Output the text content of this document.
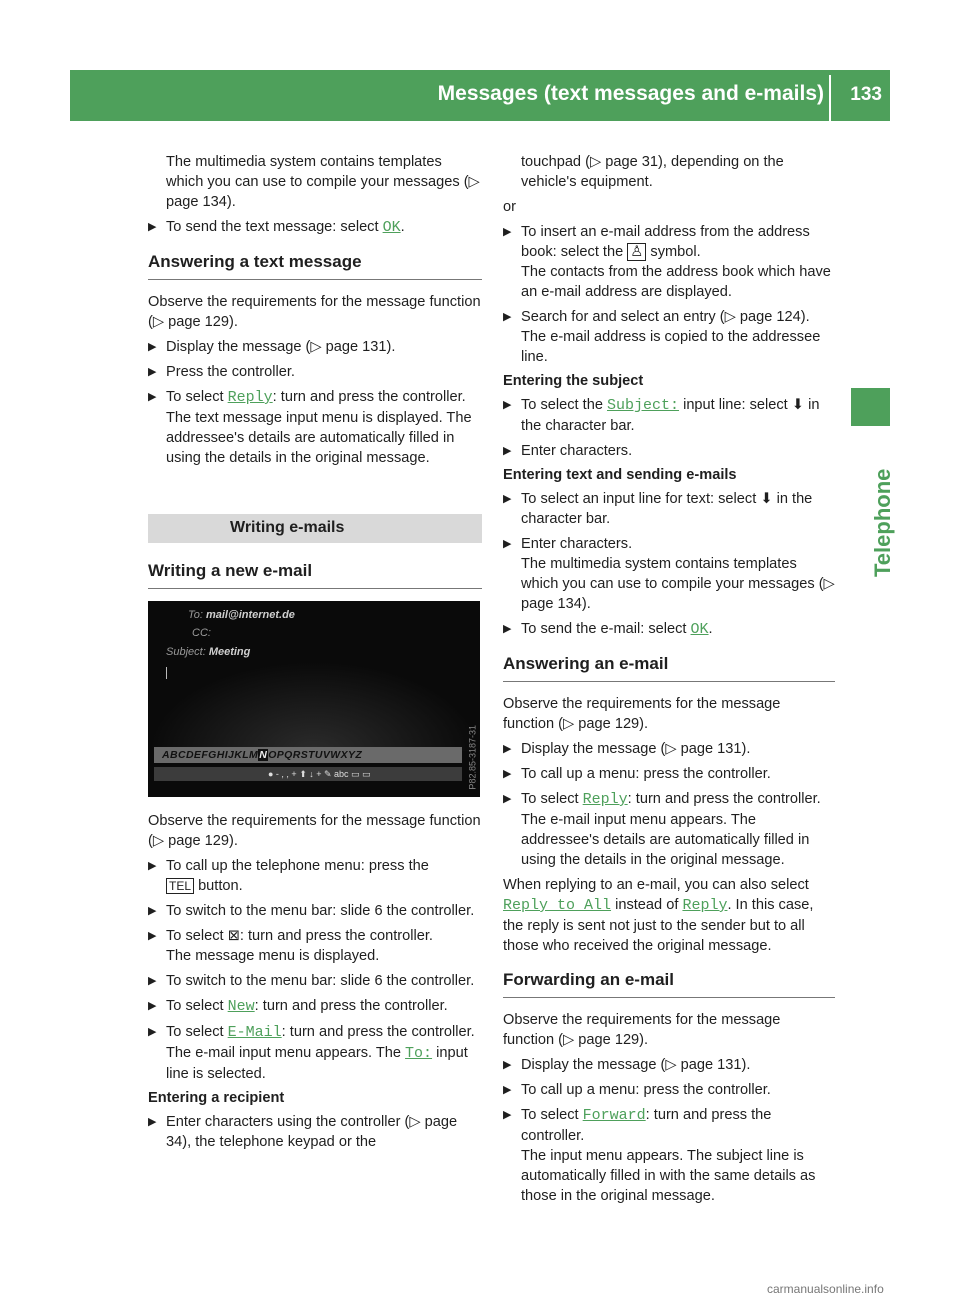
Messages (text messages and e-mails) 133
Telephone

The multimedia system contains templates which you can use to compile your messages (▷ page 134).

▶ To send the text message: select OK.
Answering a text message

Observe the requirements for the message function (▷ page 129).

▶ Display the message (▷ page 131).
▶ Press the controller.
▶ To select Reply: turn and press the controller.
The text message input menu is displayed. The addressee's details are automatically filled in using the details in the original message.
Writing e-mails
Writing a new e-mail
To: mail@internet.de
CC:
Subject: Meeting
ABCDEFGHIJKLMNOPQRSTUVWXYZ
● - , , + ⬆ ↓ + ✎ abc ▭ ▭	P82.85-3187-31

Observe the requirements for the message function (▷ page 129).

▶ To call up the telephone menu: press the
TEL button.
▶ To switch to the menu bar: slide 6 the controller.
▶ To select ⊠: turn and press the controller.
The message menu is displayed.
▶ To switch to the menu bar: slide 6 the controller.
▶ To select New: turn and press the controller.
▶ To select E-Mail: turn and press the controller.
The e-mail input menu appears. The To: input line is selected.
Entering a recipient
▶ Enter characters using the controller (▷ page 34), the telephone keypad or the

touchpad (▷ page 31), depending on the vehicle's equipment.

or

▶ To insert an e-mail address from the address book: select the ♙ symbol.
The contacts from the address book which have an e-mail address are displayed.
▶ Search for and select an entry (▷ page 124).
The e-mail address is copied to the addressee line.
Entering the subject
▶ To select the Subject: input line: select ⬇ in the character bar.
▶ Enter characters.
Entering text and sending e-mails
▶ To select an input line for text: select ⬇ in the character bar.
▶ Enter characters.
The multimedia system contains templates which you can use to compile your messages (▷ page 134).
▶ To send the e-mail: select OK.
Answering an e-mail

Observe the requirements for the message function (▷ page 129).

▶ Display the message (▷ page 131).
▶ To call up a menu: press the controller.
▶ To select Reply: turn and press the controller.
The e-mail input menu appears. The addressee's details are automatically filled in using the details in the original message.

When replying to an e-mail, you can also select Reply to All instead of Reply. In this case, the reply is sent not just to the sender but to all those who received the original message.

Forwarding an e-mail

Observe the requirements for the message function (▷ page 129).

▶ Display the message (▷ page 131).
▶ To call up a menu: press the controller.
▶ To select Forward: turn and press the controller.
The input menu appears. The subject line is automatically filled in with the same details as those in the original message.
carmanualsonline.info
